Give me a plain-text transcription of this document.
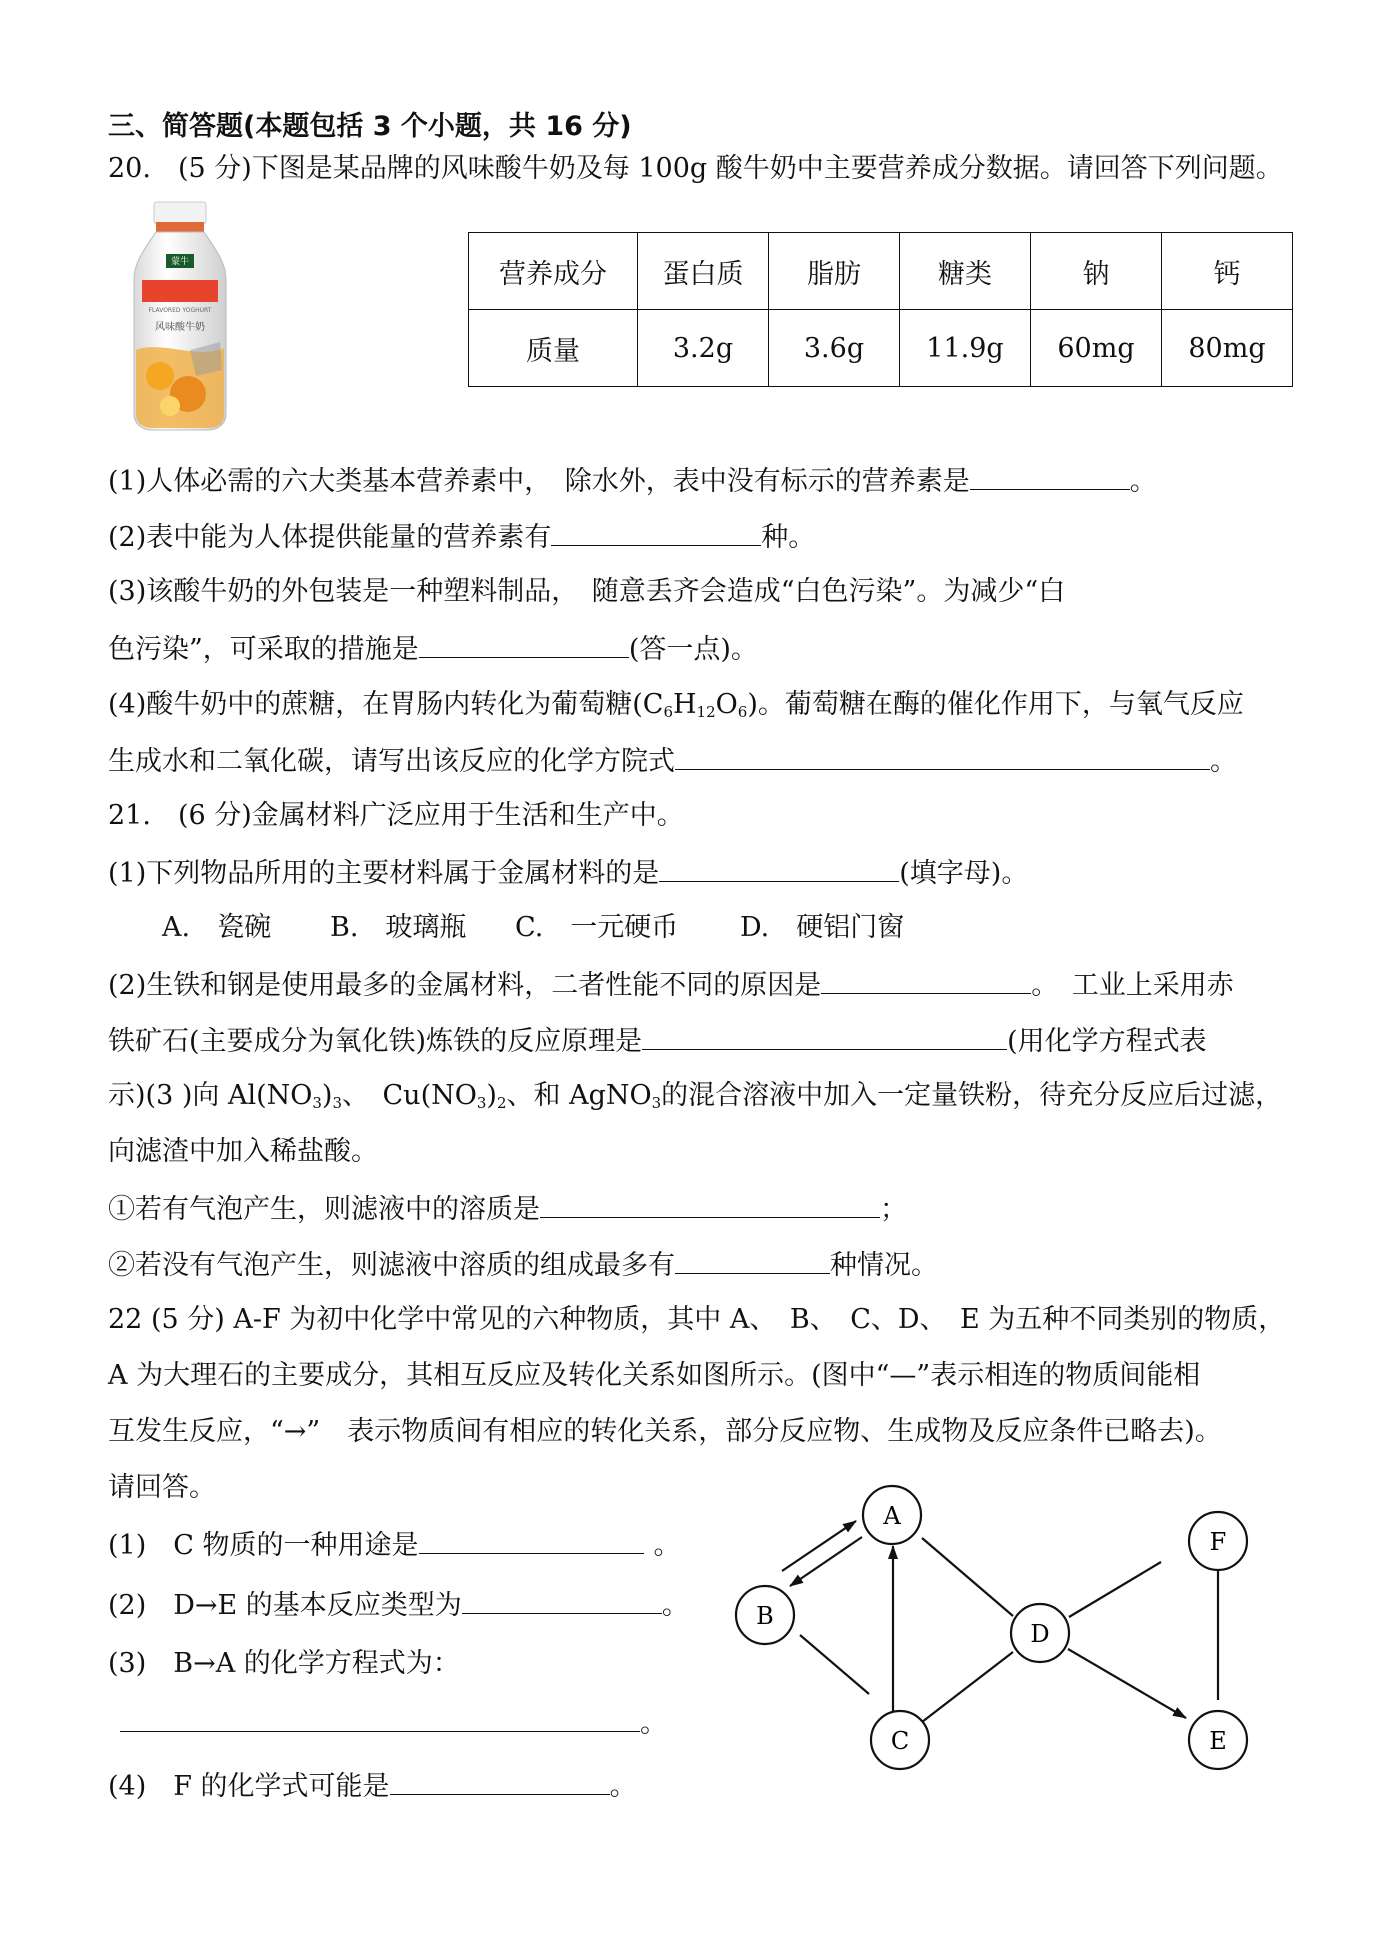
三、简答题(本题包括 3 个小题，共 16 分)
20.　(5 分)下图是某品牌的风味酸牛奶及每 100g 酸牛奶中主要营养成分数据。请回答下列问题。
蒙牛
FLAVORED YOGHURT
风味酸牛奶
营养成分	蛋白质	脂肪	糖类	钠	钙
质量	3.2g	3.6g	11.9g	60mg	80mg
(1)人体必需的六大类基本营养素中，　除水外，表中没有标示的营养素是	。
(2)表中能为人体提供能量的营养素有	种。
(3)该酸牛奶的外包装是一种塑料制品，　随意丢齐会造成“白色污染”。为减少“白
色污染”，可采取的措施是	(答一点)。
(4)酸牛奶中的蔗糖，在胃肠内转化为葡萄糖$(C_6H_{12}O_6)$。葡萄糖在酶的催化作用下，与氧气反应
生成水和二氧化碳，请写出该反应的化学方院式	。
21.　(6 分)金属材料广泛应用于生活和生产中。
(1)下列物品所用的主要材料属于金属材料的是	(填字母)。
A.　瓷碗 B.　玻璃瓶 C.　一元硬币 D.　硬铝门窗
(2)生铁和钢是使用最多的金属材料，二者性能不同的原因是	。　工业上采用赤
铁矿石(主要成分为氧化铁)炼铁的反应原理是	(用化学方程式表
示)(3 )向 $Al(NO_3)_3$、　$Cu(NO_3)_2$、和 AgNO$_3$的混合溶液中加入一定量铁粉，待充分反应后过滤，
向滤渣中加入稀盐酸。
①若有气泡产生，则滤液中的溶质是	；
②若没有气泡产生，则滤液中溶质的组成最多有	种情况。
22 (5 分) A-F 为初中化学中常见的六种物质，其中 A、　B、　C、D、　E 为五种不同类别的物质，
A 为大理石的主要成分，其相互反应及转化关系如图所示。(图中“—”表示相连的物质间能相
互发生反应，“→”　表示物质间有相应的转化关系，部分反应物、生成物及反应条件已略去)。
请回答。
(1)　C 物质的一种用途是	。
(2)　D→E 的基本反应类型为	。
(3)　B→A 的化学方程式为：
。
(4)　F 的化学式可能是	。
A
B
C
D
E
F
